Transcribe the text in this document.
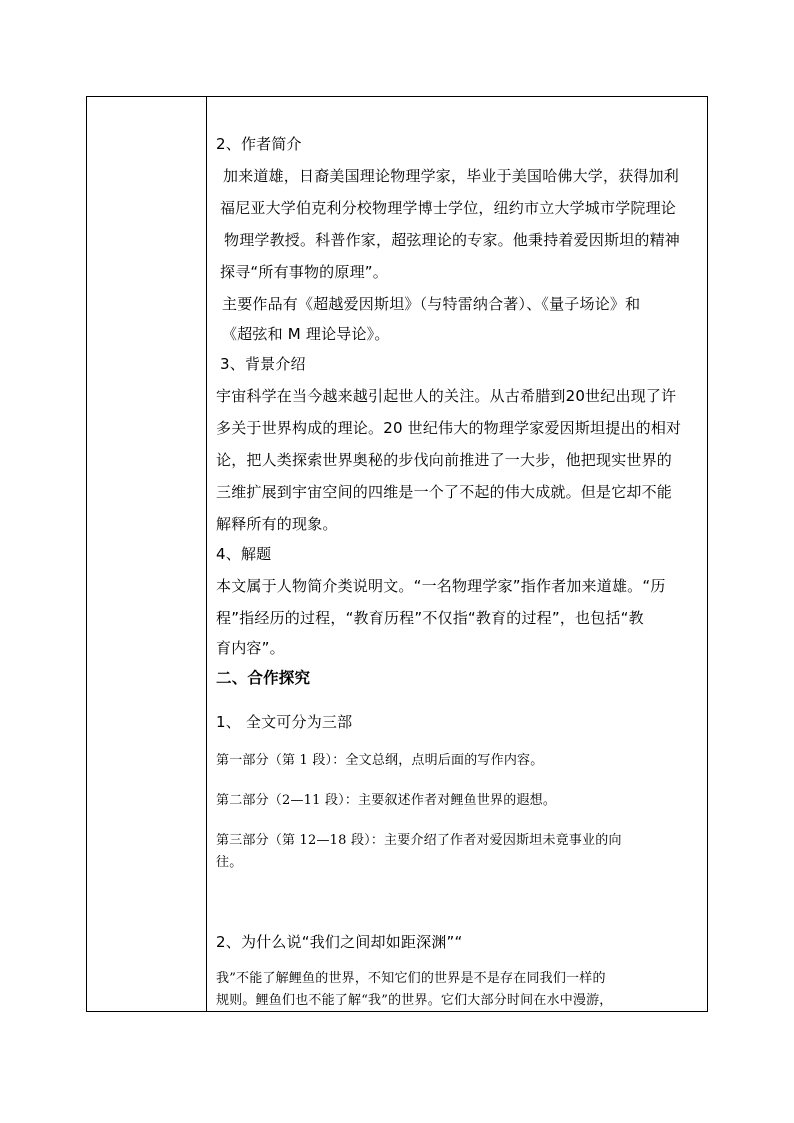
2、作者简介
加来道雄，日裔美国理论物理学家，毕业于美国哈佛大学，获得加利
福尼亚大学伯克利分校物理学博士学位，纽约市立大学城市学院理论
物理学教授。科普作家，超弦理论的专家。他秉持着爱因斯坦的精神
探寻“所有事物的原理”。
主要作品有《超越爱因斯坦》（与特雷纳合著）、《量子场论》和
《超弦和 M 理论导论》。
3、背景介绍
宇宙科学在当今越来越引起世人的关注。从古希腊到20世纪出现了许
多关于世界构成的理论。20 世纪伟大的物理学家爱因斯坦提出的相对
论，把人类探索世界奥秘的步伐向前推进了一大步，他把现实世界的
三维扩展到宇宙空间的四维是一个了不起的伟大成就。但是它却不能
解释所有的现象。
4、解题
本文属于人物简介类说明文。“一名物理学家”指作者加来道雄。“历
程”指经历的过程，“教育历程”不仅指“教育的过程”，也包括“教
育内容”。
二、合作探究
1、 全文可分为三部
第一部分（第 1 段）：全文总纲，点明后面的写作内容。
第二部分（2—11 段）：主要叙述作者对鲤鱼世界的遐想。
第三部分（第 12—18 段）：主要介绍了作者对爱因斯坦未竟事业的向
往。
2、为什么说“我们之间却如距深渊”“
我”不能了解鲤鱼的世界，不知它们的世界是不是存在同我们一样的
规则。鲤鱼们也不能了解“我”的世界。它们大部分时间在水中漫游，
